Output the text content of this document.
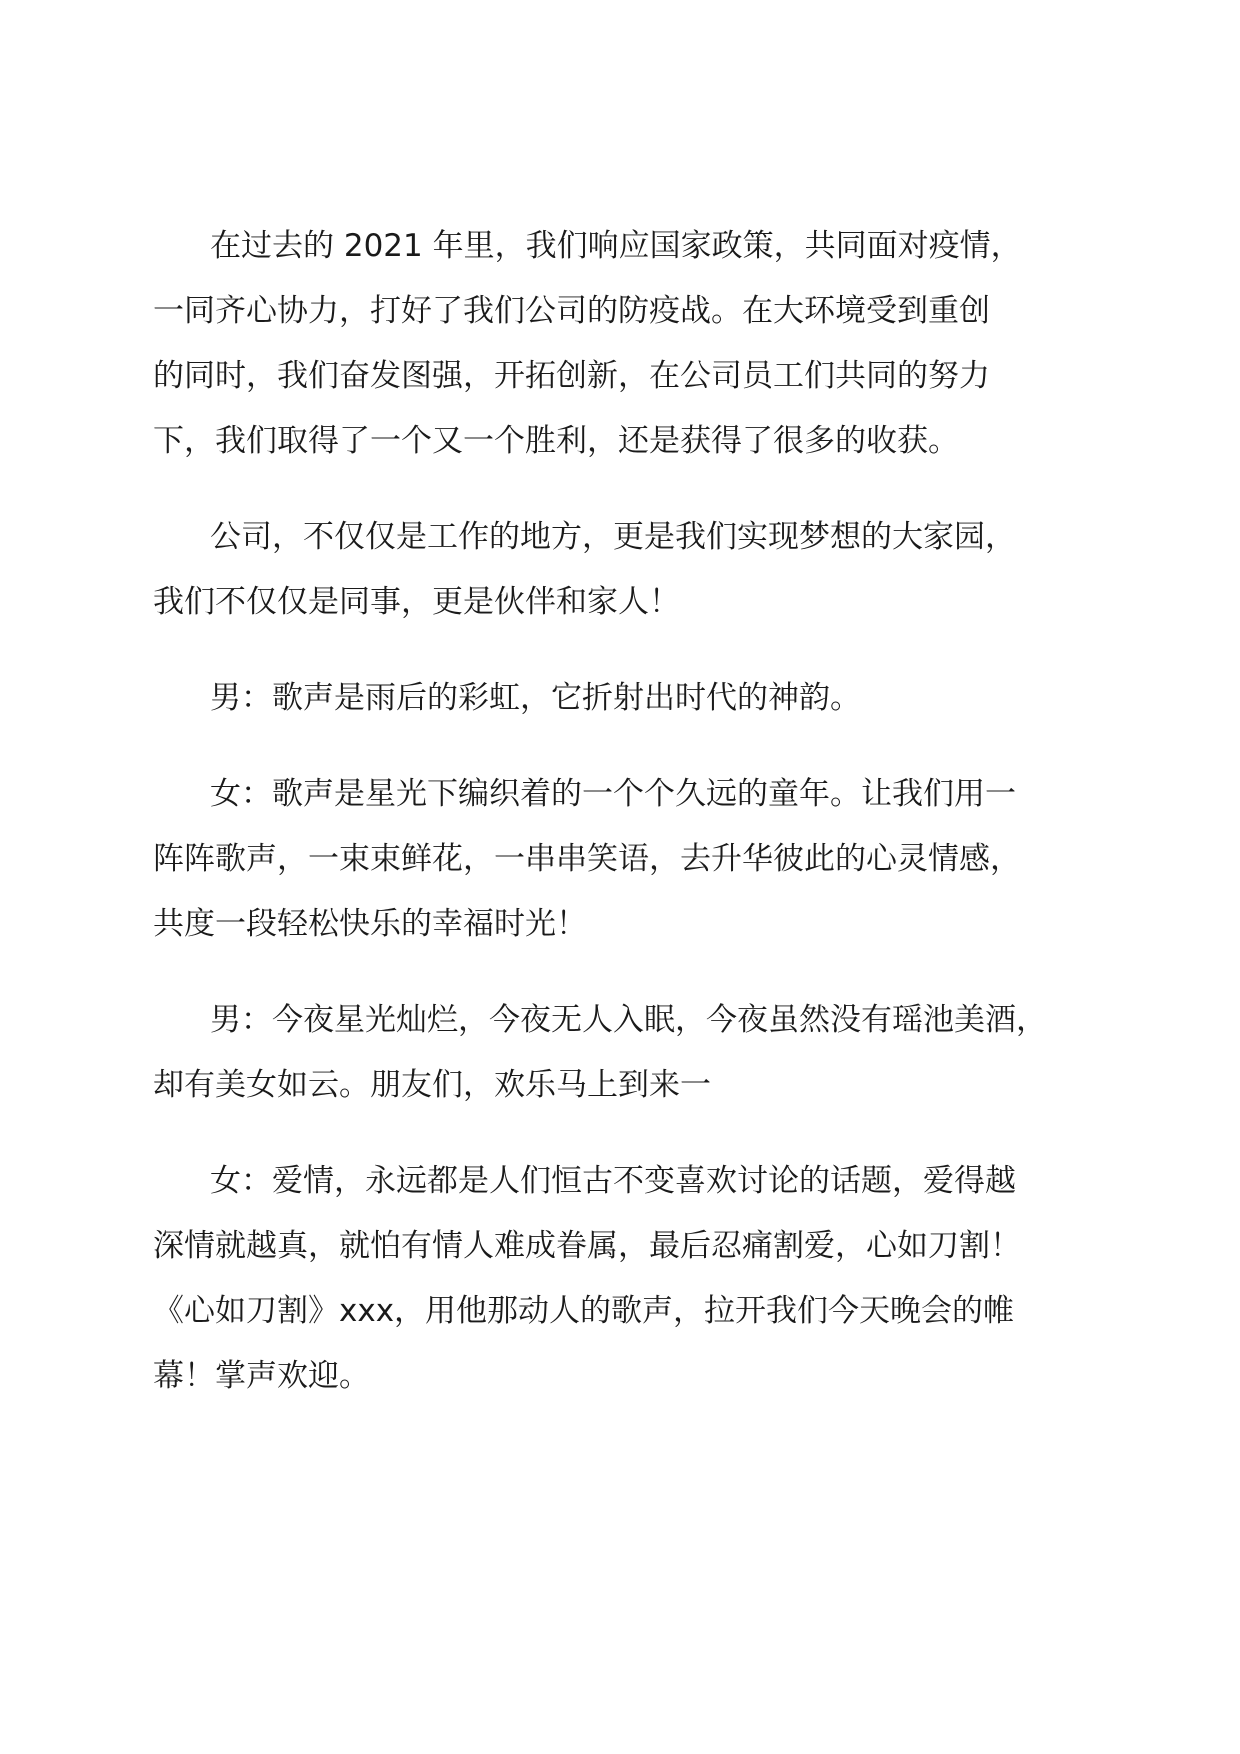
在过去的 2021 年里，我们响应国家政策，共同面对疫情，
一同齐心协力，打好了我们公司的防疫战。在大环境受到重创
的同时，我们奋发图强，开拓创新，在公司员工们共同的努力
下，我们取得了一个又一个胜利，还是获得了很多的收获。

公司，不仅仅是工作的地方，更是我们实现梦想的大家园，
我们不仅仅是同事，更是伙伴和家人！

男：歌声是雨后的彩虹，它折射出时代的神韵。

女：歌声是星光下编织着的一个个久远的童年。让我们用一
阵阵歌声，一束束鲜花，一串串笑语，去升华彼此的心灵情感，
共度一段轻松快乐的幸福时光！

男：今夜星光灿烂，今夜无人入眠，今夜虽然没有瑶池美酒，
却有美女如云。朋友们，欢乐马上到来一

女：爱情，永远都是人们恒古不变喜欢讨论的话题，爱得越
深情就越真，就怕有情人难成眷属，最后忍痛割爱，心如刀割！
《心如刀割》xxx，用他那动人的歌声，拉开我们今天晚会的帷
幕！掌声欢迎。
